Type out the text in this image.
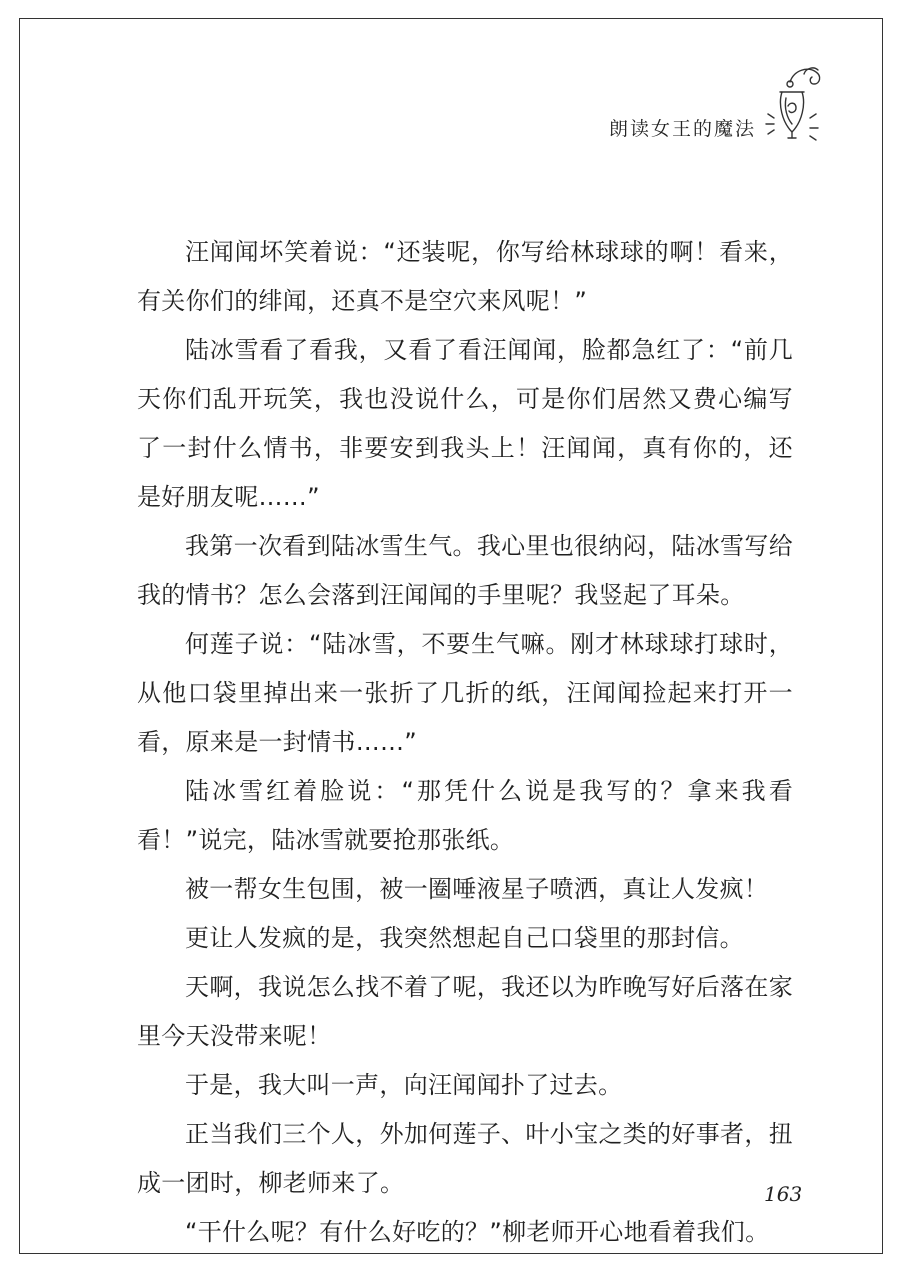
朗读女王的魔法

汪闻闻坏笑着说：“还装呢，你写给林球球的啊！看来，有关你们的绯闻，还真不是空穴来风呢！”

陆冰雪看了看我，又看了看汪闻闻，脸都急红了：“前几天你们乱开玩笑，我也没说什么，可是你们居然又费心编写了一封什么情书，非要安到我头上！汪闻闻，真有你的，还是好朋友呢……”

我第一次看到陆冰雪生气。我心里也很纳闷，陆冰雪写给我的情书？怎么会落到汪闻闻的手里呢？我竖起了耳朵。

何莲子说：“陆冰雪，不要生气嘛。刚才林球球打球时，从他口袋里掉出来一张折了几折的纸，汪闻闻捡起来打开一看，原来是一封情书……”

陆冰雪红着脸说：“那凭什么说是我写的？拿来我看看！”说完，陆冰雪就要抢那张纸。

被一帮女生包围，被一圈唾液星子喷洒，真让人发疯！

更让人发疯的是，我突然想起自己口袋里的那封信。

天啊，我说怎么找不着了呢，我还以为昨晚写好后落在家里今天没带来呢！

于是，我大叫一声，向汪闻闻扑了过去。

正当我们三个人，外加何莲子、叶小宝之类的好事者，扭成一团时，柳老师来了。

“干什么呢？有什么好吃的？”柳老师开心地看着我们。

163
